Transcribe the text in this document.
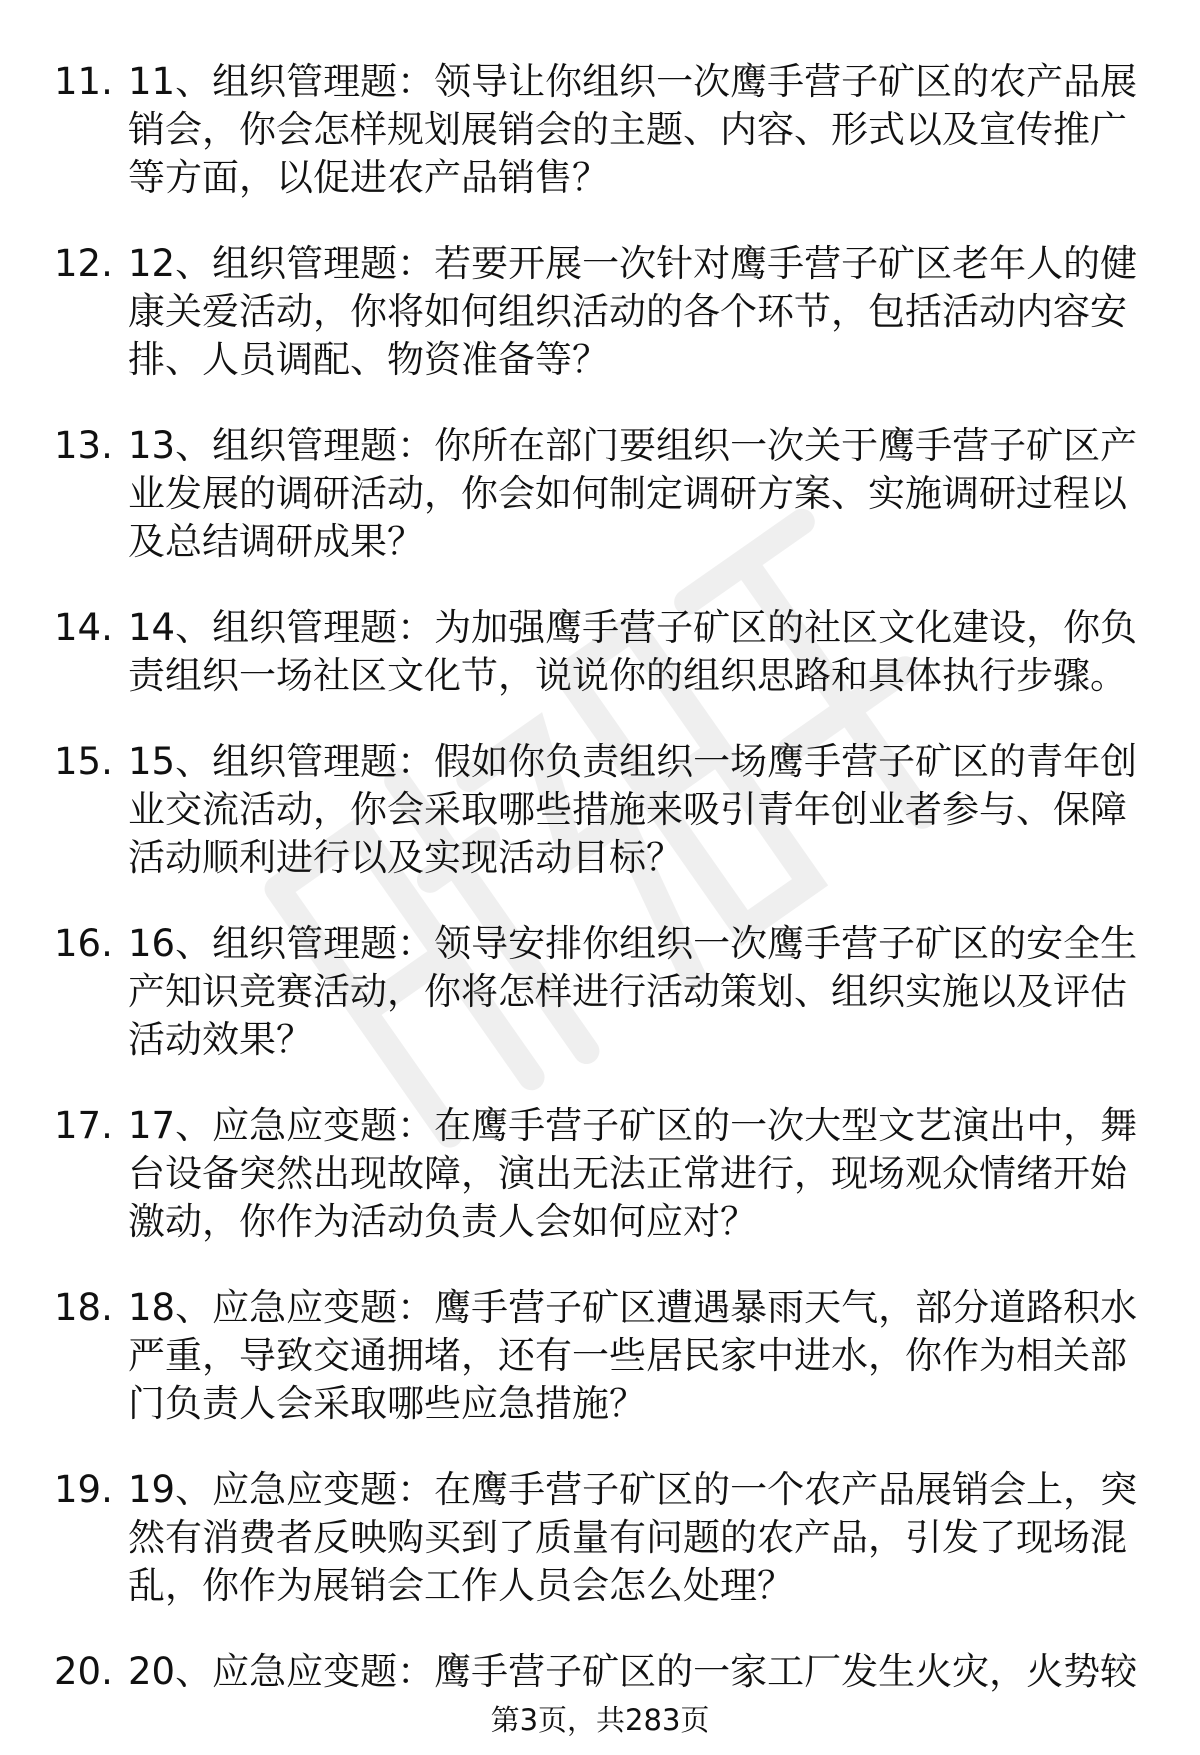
11. 11、组织管理题：领导让你组织一次鹰手营子矿区的农产品展销会，你会怎样规划展销会的主题、内容、形式以及宣传推广等方面，以促进农产品销售？
12. 12、组织管理题：若要开展一次针对鹰手营子矿区老年人的健康关爱活动，你将如何组织活动的各个环节，包括活动内容安排、人员调配、物资准备等？
13. 13、组织管理题：你所在部门要组织一次关于鹰手营子矿区产业发展的调研活动，你会如何制定调研方案、实施调研过程以及总结调研成果？
14. 14、组织管理题：为加强鹰手营子矿区的社区文化建设，你负责组织一场社区文化节，说说你的组织思路和具体执行步骤。
15. 15、组织管理题：假如你负责组织一场鹰手营子矿区的青年创业交流活动，你会采取哪些措施来吸引青年创业者参与、保障活动顺利进行以及实现活动目标？
16. 16、组织管理题：领导安排你组织一次鹰手营子矿区的安全生产知识竞赛活动，你将怎样进行活动策划、组织实施以及评估活动效果？
17. 17、应急应变题：在鹰手营子矿区的一次大型文艺演出中，舞台设备突然出现故障，演出无法正常进行，现场观众情绪开始激动，你作为活动负责人会如何应对？
18. 18、应急应变题：鹰手营子矿区遭遇暴雨天气，部分道路积水严重，导致交通拥堵，还有一些居民家中进水，你作为相关部门负责人会采取哪些应急措施？
19. 19、应急应变题：在鹰手营子矿区的一个农产品展销会上，突然有消费者反映购买到了质量有问题的农产品，引发了现场混乱，你作为展销会工作人员会怎么处理？
20. 20、应急应变题：鹰手营子矿区的一家工厂发生火灾，火势较
第3页，共283页
